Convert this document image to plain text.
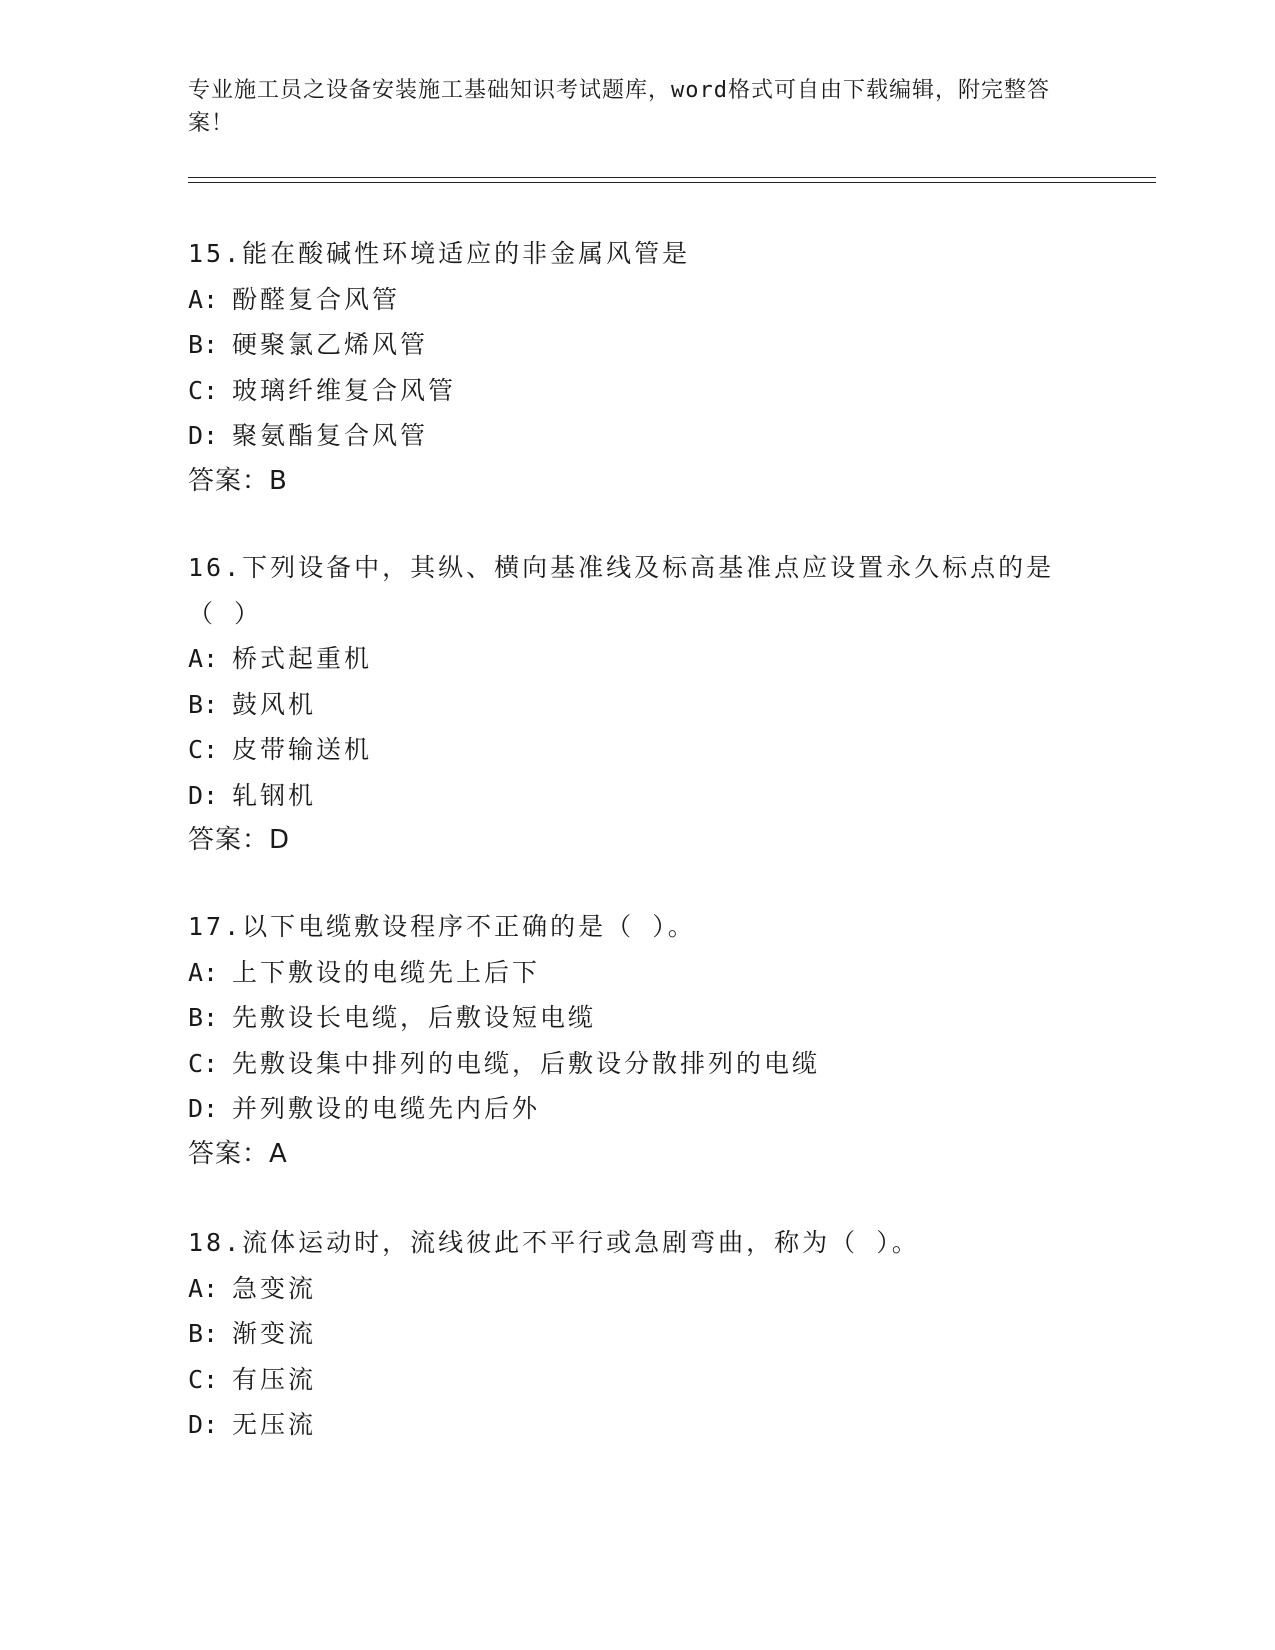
专业施工员之设备安装施工基础知识考试题库，word格式可自由下载编辑，附完整答案！
15.能在酸碱性环境适应的非金属风管是
A: 酚醛复合风管
B: 硬聚氯乙烯风管
C: 玻璃纤维复合风管
D: 聚氨酯复合风管
答案：B
16.下列设备中，其纵、横向基准线及标高基准点应设置永久标点的是
（ ）
A: 桥式起重机
B: 鼓风机
C: 皮带输送机
D: 轧钢机
答案：D
17.以下电缆敷设程序不正确的是（ ）。
A: 上下敷设的电缆先上后下
B: 先敷设长电缆，后敷设短电缆
C: 先敷设集中排列的电缆，后敷设分散排列的电缆
D: 并列敷设的电缆先内后外
答案：A
18.流体运动时，流线彼此不平行或急剧弯曲，称为（ ）。
A: 急变流
B: 渐变流
C: 有压流
D: 无压流
